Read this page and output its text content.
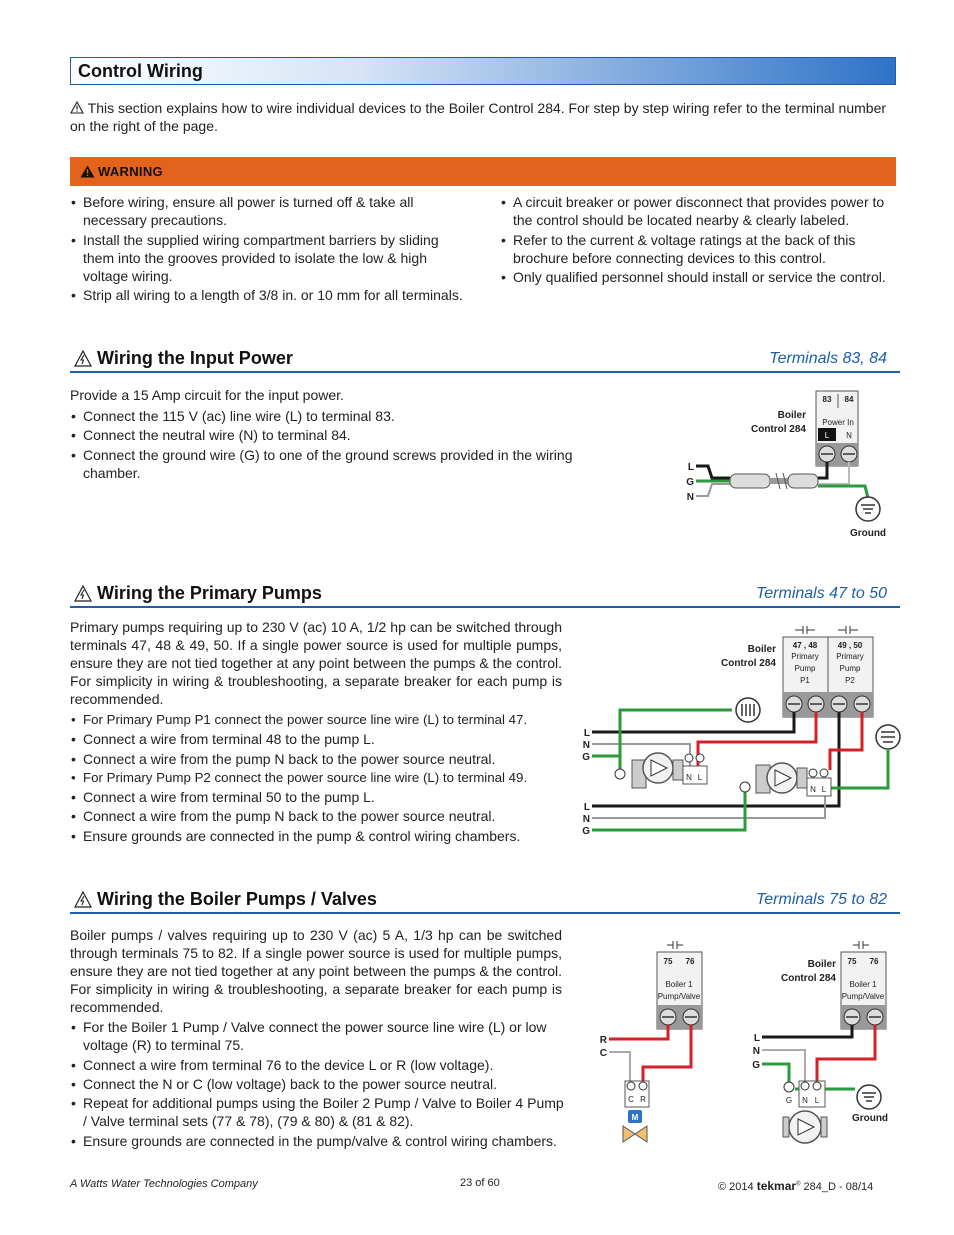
Control Wiring
This section explains how to wire individual devices to the Boiler Control 284. For step by step wiring refer to the terminal number on the right of the page.
WARNING
• Before wiring, ensure all power is turned off & take all necessary precautions.
• Install the supplied wiring compartment barriers by sliding them into the grooves provided to isolate the low & high voltage wiring.
• Strip all wiring to a length of 3/8 in. or 10 mm for all terminals.
• A circuit breaker or power disconnect that provides power to the control should be located nearby & clearly labeled.
• Refer to the current & voltage ratings at the back of this brochure before connecting devices to this control.
• Only qualified personnel should install or service the control.
Wiring the Input Power	Terminals 83, 84
Provide a 15 Amp circuit for the input power.
• Connect the 115 V (ac) line wire (L) to terminal 83.
• Connect the neutral wire (N) to terminal 84.
• Connect the ground wire (G) to one of the ground screws provided in the wiring chamber.
Boiler
Control 284
83 84
Power In
L N
L
G
N
Ground
Wiring the Primary Pumps	Terminals 47 to 50
Primary pumps requiring up to 230 V (ac) 10 A, 1/2 hp can be switched through terminals 47, 48 & 49, 50. If a single power source is used for multiple pumps, ensure they are not tied together at any point between the pumps & the control. For simplicity in wiring & troubleshooting, a separate breaker for each pump is recommended.
• For Primary Pump P1 connect the power source line wire (L) to terminal 47.
• Connect a wire from terminal 48 to the pump L.
• Connect a wire from the pump N back to the power source neutral.
• For Primary Pump P2 connect the power source line wire (L) to terminal 49.
• Connect a wire from terminal 50 to the pump L.
• Connect a wire from the pump N back to the power source neutral.
• Ensure grounds are connected in the pump & control wiring chambers.
Boiler
Control 284
47 , 48
Primary
Pump
P1
49 , 50
Primary
Pump
P2
L
N
G
L
N
G
N L
N L
Wiring the Boiler Pumps / Valves	Terminals 75 to 82
Boiler pumps / valves requiring up to 230 V (ac) 5 A, 1/3 hp can be switched through terminals 75 to 82. If a single power source is used for multiple pumps, ensure they are not tied together at any point between the pumps & the control. For simplicity in wiring & troubleshooting, a separate breaker for each pump is recommended.
• For the Boiler 1 Pump / Valve connect the power source line wire (L) or low voltage (R) to terminal 75.
• Connect a wire from terminal 76 to the device L or R (low voltage).
• Connect the N or C (low voltage) back to the power source neutral.
• Repeat for additional pumps using the Boiler 2 Pump / Valve to Boiler 4 Pump / Valve terminal sets (77 & 78), (79 & 80) & (81 & 82).
• Ensure grounds are connected in the pump/valve & control wiring chambers.
75 76
Boiler 1
Pump/Valve
R
C
C R
M
Boiler
Control 284
75 76
Boiler 1
Pump/Valve
L
N
G
G N L
Ground
A Watts Water Technologies Company	23 of 60	© 2014 tekmar® 284_D - 08/14
